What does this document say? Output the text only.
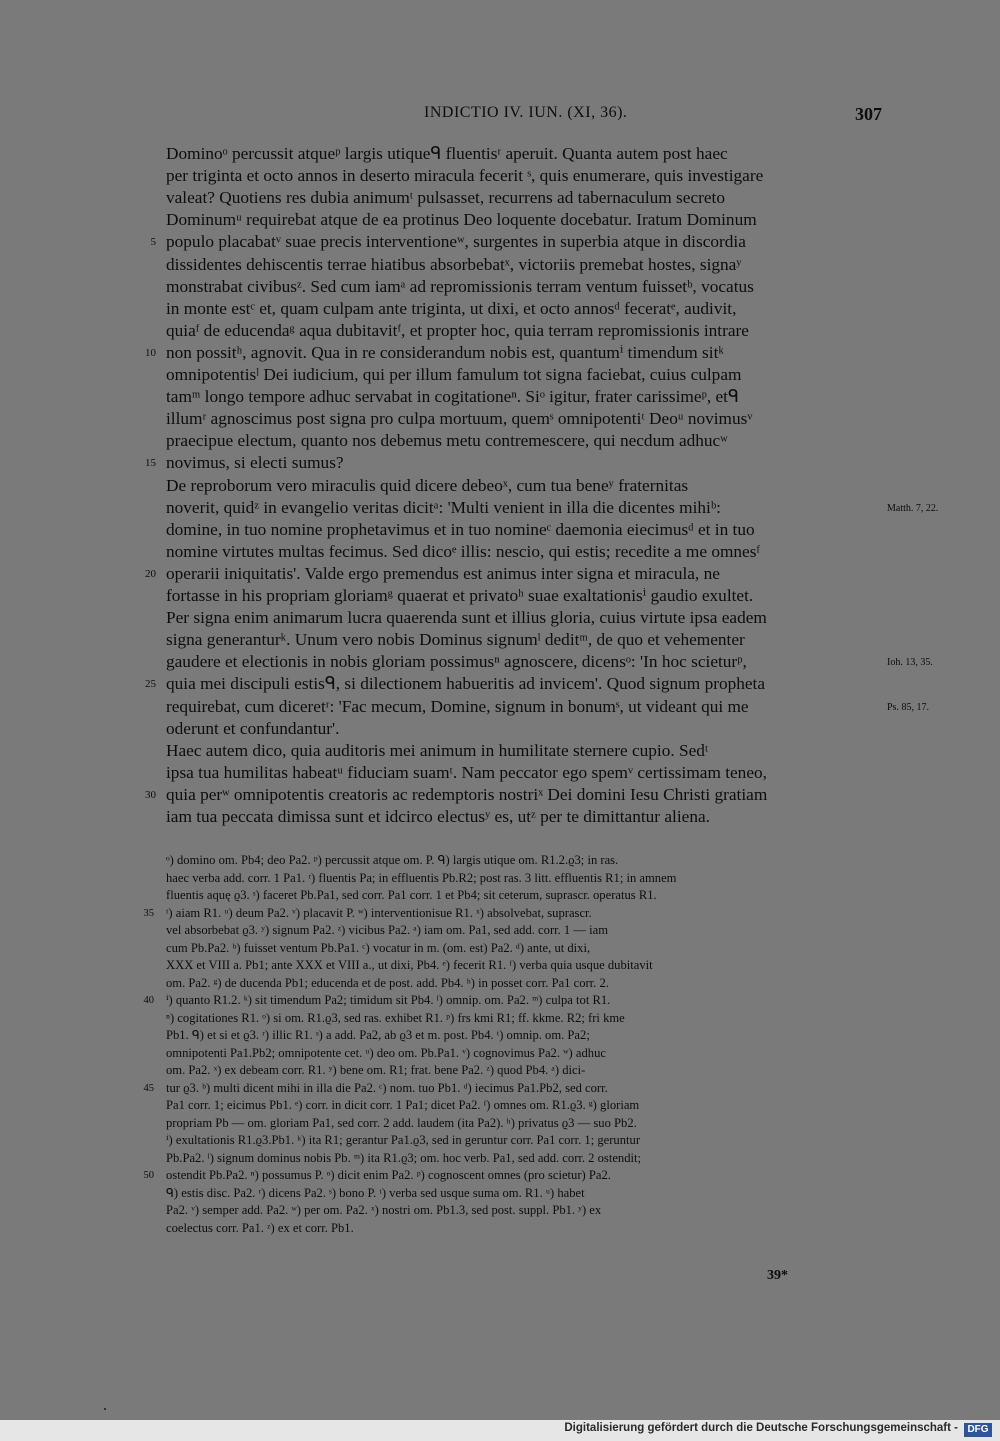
INDICTIO IV. IUN. (XI, 36).	307
Dominoᵒ percussit atqueᵖ largis utiqueᑫ fluentisʳ aperuit. Quanta autem post haec
per triginta et octo annos in deserto miracula fecerit ˢ, quis enumerare, quis investigare
valeat? Quotiens res dubia animumᵗ pulsasset, recurrens ad tabernaculum secreto
Dominumᵘ requirebat atque de ea protinus Deo loquente docebatur. Iratum Dominum
populo placabatᵛ suae precis interventioneʷ, surgentes in superbia atque in discordia
5
dissidentes dehiscentis terrae hiatibus absorbebatˣ, victoriis premebat hostes, signaʸ
monstrabat civibusᶻ. Sed cum iamᵃ ad repromissionis terram ventum fuissetᵇ, vocatus
in monte estᶜ et, quam culpam ante triginta, ut dixi, et octo annosᵈ feceratᵉ, audivit,
quiaᶠ de educendaᵍ aqua dubitavitᶠ, et propter hoc, quia terram repromissionis intrare
non possitʰ, agnovit. Qua in re considerandum nobis est, quantumⁱ timendum sitᵏ
10
omnipotentisˡ Dei iudicium, qui per illum famulum tot signa faciebat, cuius culpam
tamᵐ longo tempore adhuc servabat in cogitationeⁿ. Siᵒ igitur, frater carissimeᵖ, etᑫ
illumʳ agnoscimus post signa pro culpa mortuum, quemˢ omnipotentiᵗ Deoᵘ novimusᵛ
praecipue electum, quanto nos debemus metu contremescere, qui necdum adhucʷ
novimus, si electi sumus?
15
De reproborum vero miraculis quid dicere debeoˣ, cum tua beneʸ fraternitas
noverit, quidᶻ in evangelio veritas dicitᵃ: 'Multi venient in illa die dicentes mihiᵇ:	Matth. 7, 22.
domine, in tuo nomine prophetavimus et in tuo nomineᶜ daemonia eiecimusᵈ et in tuo
nomine virtutes multas fecimus. Sed dicoᵉ illis: nescio, qui estis; recedite a me omnesᶠ
operarii iniquitatis'. Valde ergo premendus est animus inter signa et miracula, ne
20
fortasse in his propriam gloriamᵍ quaerat et privatoʰ suae exaltationisⁱ gaudio exultet.
Per signa enim animarum lucra quaerenda sunt et illius gloria, cuius virtute ipsa eadem
signa generanturᵏ. Unum vero nobis Dominus signumˡ deditᵐ, de quo et vehementer
gaudere et electionis in nobis gloriam possimusⁿ agnoscere, dicensᵒ: 'In hoc scieturᵖ,	Ioh. 13, 35.
quia mei discipuli estisᑫ, si dilectionem habueritis ad invicem'. Quod signum propheta
25
requirebat, cum diceretʳ: 'Fac mecum, Domine, signum in bonumˢ, ut videant qui me	Ps. 85, 17.
oderunt et confundantur'.
Haec autem dico, quia auditoris mei animum in humilitate sternere cupio. Sedᵗ
ipsa tua humilitas habeatᵘ fiduciam suamᵗ. Nam peccator ego spemᵛ certissimam teneo,
quia perʷ omnipotentis creatoris ac redemptoris nostriˣ Dei domini Iesu Christi gratiam
30
iam tua peccata dimissa sunt et idcirco electusʸ es, utᶻ per te dimittantur aliena.
ᵒ) domino om. Pb4; deo Pa2. ᵖ) percussit atque om. P. ᑫ) largis utique om. R1.2.ϱ3; in ras.
haec verba add. corr. 1 Pa1. ʳ) fluentis Pa; in effluentis Pb.R2; post ras. 3 litt. effluentis R1; in amnem
fluentis aquę ϱ3. ˢ) faceret Pb.Pa1, sed corr. Pa1 corr. 1 et Pb4; sit ceterum, suprascr. operatus R1.
ᵗ) aiam R1. ᵘ) deum Pa2. ᵛ) placavit P. ʷ) interventionisue R1. ˣ) absolvebat, suprascr.
35
vel absorbebat ϱ3. ʸ) signum Pa2. ᶻ) vicibus Pa2. ᵃ) iam om. Pa1, sed add. corr. 1 — iam
cum Pb.Pa2. ᵇ) fuisset ventum Pb.Pa1. ᶜ) vocatur in m. (om. est) Pa2. ᵈ) ante, ut dixi,
XXX et VIII a. Pb1; ante XXX et VIII a., ut dixi, Pb4. ᵉ) fecerit R1. ᶠ) verba quia usque dubitavit
om. Pa2. ᵍ) de ducenda Pb1; educenda et de post. add. Pb4. ʰ) in posset corr. Pa1 corr. 2.
ⁱ) quanto R1.2. ᵏ) sit timendum Pa2; timidum sit Pb4. ˡ) omnip. om. Pa2. ᵐ) culpa tot R1.
40
ⁿ) cogitationes R1. ᵒ) si om. R1.ϱ3, sed ras. exhibet R1. ᵖ) frs kmi R1; ff. kkme. R2; fri kme
Pb1. ᑫ) et si et ϱ3. ʳ) illic R1. ˢ) a add. Pa2, ab ϱ3 et m. post. Pb4. ᵗ) omnip. om. Pa2;
omnipotenti Pa1.Pb2; omnipotente cet. ᵘ) deo om. Pb.Pa1. ᵛ) cognovimus Pa2. ʷ) adhuc
om. Pa2. ˣ) ex debeam corr. R1. ʸ) bene om. R1; frat. bene Pa2. ᶻ) quod Pb4. ᵃ) dici-
tur ϱ3. ᵇ) multi dicent mihi in illa die Pa2. ᶜ) nom. tuo Pb1. ᵈ) iecimus Pa1.Pb2, sed corr.
45
Pa1 corr. 1; eicimus Pb1. ᵉ) corr. in dicit corr. 1 Pa1; dicet Pa2. ᶠ) omnes om. R1.ϱ3. ᵍ) gloriam
propriam Pb — om. gloriam Pa1, sed corr. 2 add. laudem (ita Pa2). ʰ) privatus ϱ3 — suo Pb2.
ⁱ) exultationis R1.ϱ3.Pb1. ᵏ) ita R1; gerantur Pa1.ϱ3, sed in geruntur corr. Pa1 corr. 1; geruntur
Pb.Pa2. ˡ) signum dominus nobis Pb. ᵐ) ita R1.ϱ3; om. hoc verb. Pa1, sed add. corr. 2 ostendit;
ostendit Pb.Pa2. ⁿ) possumus P. ᵒ) dicit enim Pa2. ᵖ) cognoscent omnes (pro scietur) Pa2.
50
ᑫ) estis disc. Pa2. ʳ) dicens Pa2. ˢ) bono P. ᵗ) verba sed usque suma om. R1. ᵘ) habet
Pa2. ᵛ) semper add. Pa2. ʷ) per om. Pa2. ˣ) nostri om. Pb1.3, sed post. suppl. Pb1. ʸ) ex
coelectus corr. Pa1. ᶻ) ex et corr. Pb1.
39*
Digitalisierung gefördert durch die Deutsche Forschungsgemeinschaft - DFG
